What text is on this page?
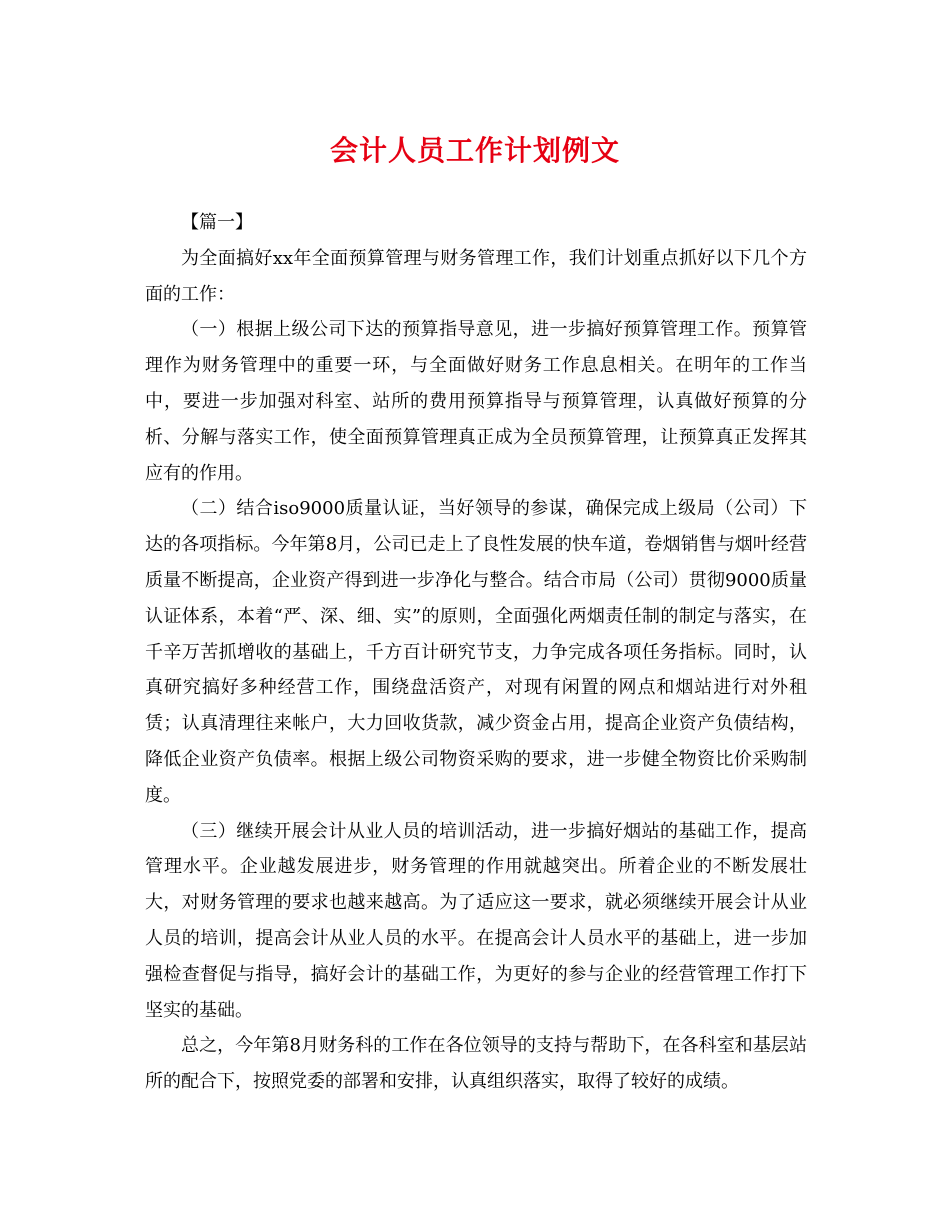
会计人员工作计划例文

【篇一】

为全面搞好xx年全面预算管理与财务管理工作，我们计划重点抓好以下几个方面的工作：

（一）根据上级公司下达的预算指导意见，进一步搞好预算管理工作。预算管理作为财务管理中的重要一环，与全面做好财务工作息息相关。在明年的工作当中，要进一步加强对科室、站所的费用预算指导与预算管理，认真做好预算的分析、分解与落实工作，使全面预算管理真正成为全员预算管理，让预算真正发挥其应有的作用。

（二）结合iso9000质量认证，当好领导的参谋，确保完成上级局（公司）下达的各项指标。今年第8月，公司已走上了良性发展的快车道，卷烟销售与烟叶经营质量不断提高，企业资产得到进一步净化与整合。结合市局（公司）贯彻9000质量认证体系，本着“严、深、细、实”的原则，全面强化两烟责任制的制定与落实，在千辛万苦抓增收的基础上，千方百计研究节支，力争完成各项任务指标。同时，认真研究搞好多种经营工作，围绕盘活资产，对现有闲置的网点和烟站进行对外租赁；认真清理往来帐户，大力回收货款，减少资金占用，提高企业资产负债结构，降低企业资产负债率。根据上级公司物资采购的要求，进一步健全物资比价采购制度。

（三）继续开展会计从业人员的培训活动，进一步搞好烟站的基础工作，提高管理水平。企业越发展进步，财务管理的作用就越突出。所着企业的不断发展壮大，对财务管理的要求也越来越高。为了适应这一要求，就必须继续开展会计从业人员的培训，提高会计从业人员的水平。在提高会计人员水平的基础上，进一步加强检查督促与指导，搞好会计的基础工作，为更好的参与企业的经营管理工作打下坚实的基础。

总之，今年第8月财务科的工作在各位领导的支持与帮助下，在各科室和基层站所的配合下，按照党委的部署和安排，认真组织落实，取得了较好的成绩。
